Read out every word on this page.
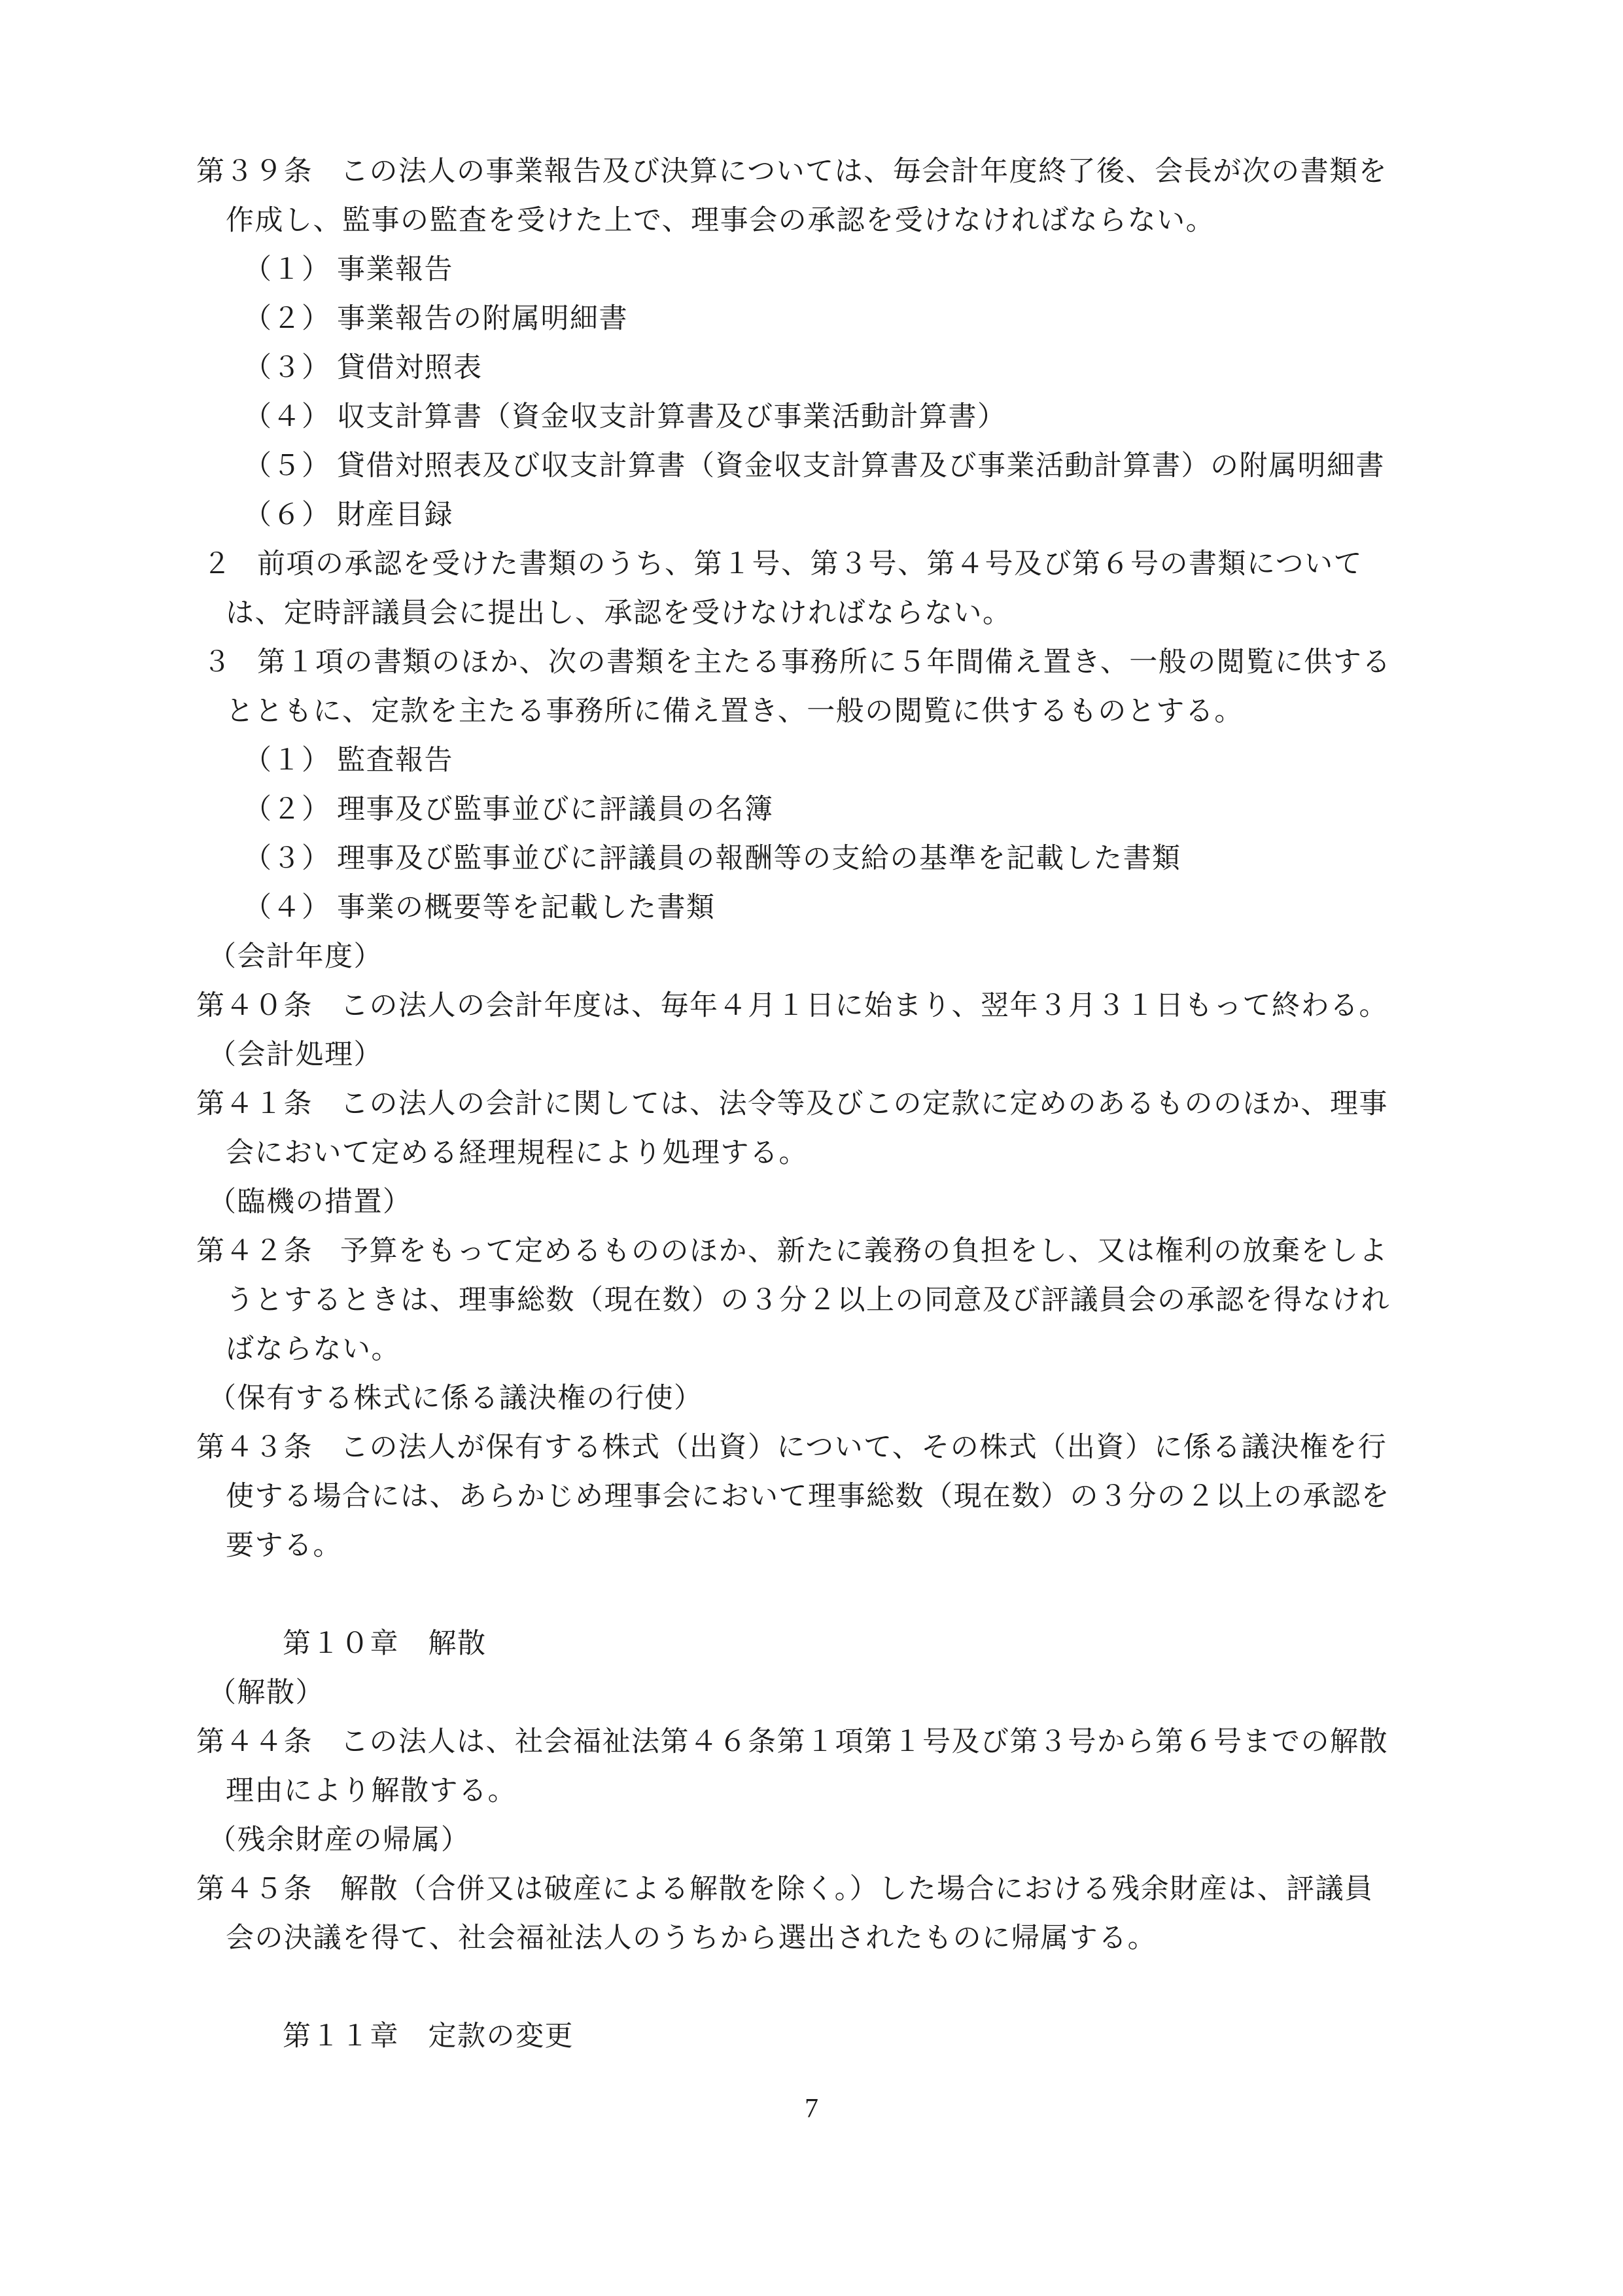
第３９条 この法人の事業報告及び決算については、毎会計年度終了後、会長が次の書類を
作成し、監事の監査を受けた上で、理事会の承認を受けなければならない。
（１） 事業報告
（２） 事業報告の附属明細書
（３） 貸借対照表
（４） 収支計算書（資金収支計算書及び事業活動計算書）
（５） 貸借対照表及び収支計算書（資金収支計算書及び事業活動計算書）の附属明細書
（６） 財産目録
２ 前項の承認を受けた書類のうち、第１号、第３号、第４号及び第６号の書類について
は、定時評議員会に提出し、承認を受けなければならない。
３ 第１項の書類のほか、次の書類を主たる事務所に５年間備え置き、一般の閲覧に供する
とともに、定款を主たる事務所に備え置き、一般の閲覧に供するものとする。
（１） 監査報告
（２） 理事及び監事並びに評議員の名簿
（３） 理事及び監事並びに評議員の報酬等の支給の基準を記載した書類
（４） 事業の概要等を記載した書類
（会計年度）
第４０条 この法人の会計年度は、毎年４月１日に始まり、翌年３月３１日もって終わる。
（会計処理）
第４１条 この法人の会計に関しては、法令等及びこの定款に定めのあるもののほか、理事
会において定める経理規程により処理する。
（臨機の措置）
第４２条 予算をもって定めるもののほか、新たに義務の負担をし、又は権利の放棄をしよ
うとするときは、理事総数（現在数）の３分２以上の同意及び評議員会の承認を得なけれ
ばならない。
（保有する株式に係る議決権の行使）
第４３条 この法人が保有する株式（出資）について、その株式（出資）に係る議決権を行
使する場合には、あらかじめ理事会において理事総数（現在数）の３分の２以上の承認を
要する。
第１０章　解散
（解散）
第４４条 この法人は、社会福祉法第４６条第１項第１号及び第３号から第６号までの解散
理由により解散する。
（残余財産の帰属）
第４５条 解散（合併又は破産による解散を除く。）した場合における残余財産は、評議員
会の決議を得て、社会福祉法人のうちから選出されたものに帰属する。
第１１章　定款の変更
7
